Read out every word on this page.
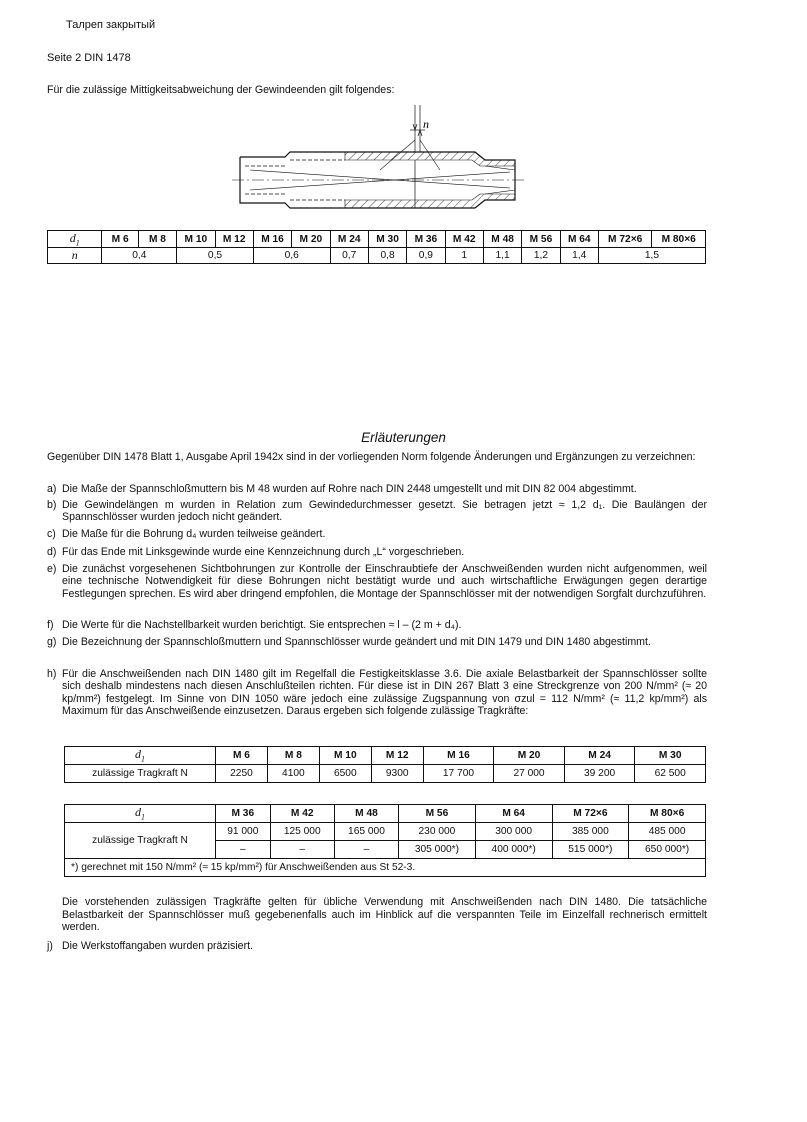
Талреп закрытый
Seite 2 DIN 1478
Für die zulässige Mittigkeitsabweichung der Gewindeenden gilt folgendes:
n
$d_1$	M 6	M 8	M 10	M 12	M 16	M 20	M 24	M 30	M 36	M 42	M 48	M 56	M 64	M 72×6	M 80×6
n	0,4		0,5		0,6		0,7	0,8	0,9	1	1,1	1,2	1,4	1,5	
Erläuterungen
Gegenüber DIN 1478 Blatt 1, Ausgabe April 1942x sind in der vorliegenden Norm folgende Änderungen und Ergänzungen zu verzeichnen:
a) Die Maße der Spannschloßmuttern bis M 48 wurden auf Rohre nach DIN 2448 umgestellt und mit DIN 82 004 abgestimmt.
b) Die Gewindelängen m wurden in Relation zum Gewindedurchmesser gesetzt. Sie betragen jetzt ≈ 1,2 d₁. Die Baulängen der Spannschlösser wurden jedoch nicht geändert.
c) Die Maße für die Bohrung d₄ wurden teilweise geändert.
d) Für das Ende mit Linksgewinde wurde eine Kennzeichnung durch „L“ vorgeschrieben.
e) Die zunächst vorgesehenen Sichtbohrungen zur Kontrolle der Einschraubtiefe der Anschweißenden wurden nicht aufgenommen, weil eine technische Notwendigkeit für diese Bohrungen nicht bestätigt wurde und auch wirtschaftliche Erwägungen gegen derartige Festlegungen sprechen. Es wird aber dringend empfohlen, die Montage der Spannschlösser mit der notwendigen Sorgfalt durchzuführen.
f) Die Werte für die Nachstellbarkeit wurden berichtigt. Sie entsprechen ≈ l – (2 m + d₄).
g) Die Bezeichnung der Spannschloßmuttern und Spannschlösser wurde geändert und mit DIN 1479 und DIN 1480 abgestimmt.
h) Für die Anschweißenden nach DIN 1480 gilt im Regelfall die Festigkeitsklasse 3.6. Die axiale Belastbarkeit der Spannschlösser sollte sich deshalb mindestens nach diesen Anschlußteilen richten. Für diese ist in DIN 267 Blatt 3 eine Streckgrenze von 200 N/mm² (≈ 20 kp/mm²) festgelegt. Im Sinne von DIN 1050 wäre jedoch eine zulässige Zugspannung von σzul = 112 N/mm² (≈ 11,2 kp/mm²) als Maximum für das Anschweißende einzusetzen. Daraus ergeben sich folgende zulässige Tragkräfte:
$d_1$	M 6	M 8	M 10	M 12	M 16	M 20	M 24	M 30
zulässige Tragkraft N	2250	4100	6500	9300	17 700	27 000	39 200	62 500
$d_1$	M 36	M 42	M 48	M 56	M 64	M 72×6	M 80×6
zulässige Tragkraft N	91 000	125 000	165 000	230 000	300 000	385 000	485 000
	–	–	–	305 000*)	400 000*)	515 000*)	650 000*)
*) gerechnet mit 150 N/mm² (≈ 15 kp/mm²) für Anschweißenden aus St 52-3.							
Die vorstehenden zulässigen Tragkräfte gelten für übliche Verwendung mit Anschweißenden nach DIN 1480. Die tatsächliche Belastbarkeit der Spannschlösser muß gegebenenfalls auch im Hinblick auf die verspannten Teile im Einzelfall rechnerisch ermittelt werden.
j) Die Werkstoffangaben wurden präzisiert.
